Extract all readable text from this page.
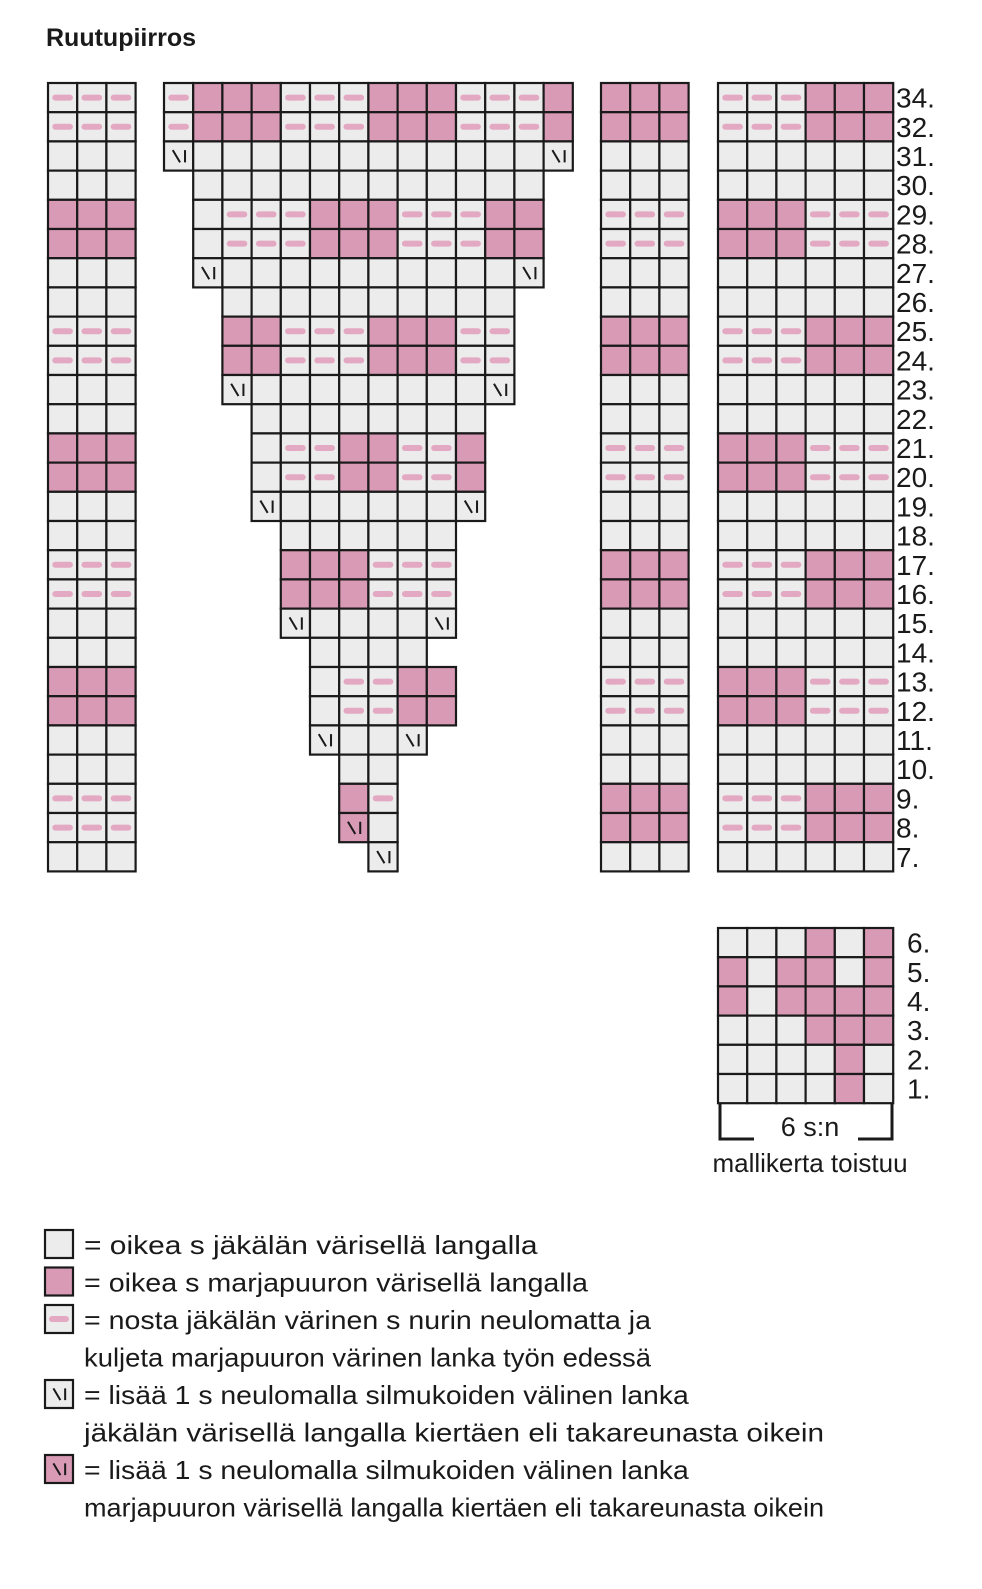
Ruutupiirros
34.
32.
31.
30.
29.
28.
27.
26.
25.
24.
23.
22.
21.
20.
19.
18.
17.
16.
15.
14.
13.
12.
11.
10.
9.
8.
7.
6.
5.
4.
3.
2.
1.
6 s:n
mallikerta toistuu
= oikea s jäkälän värisellä langalla
= oikea s marjapuuron värisellä langalla
= nosta jäkälän värinen s nurin neulomatta ja
kuljeta marjapuuron värinen lanka työn edessä
= lisää 1 s neulomalla silmukoiden välinen lanka
jäkälän värisellä langalla kiertäen eli takareunasta oikein
= lisää 1 s neulomalla silmukoiden välinen lanka
marjapuuron värisellä langalla kiertäen eli takareunasta oikein
